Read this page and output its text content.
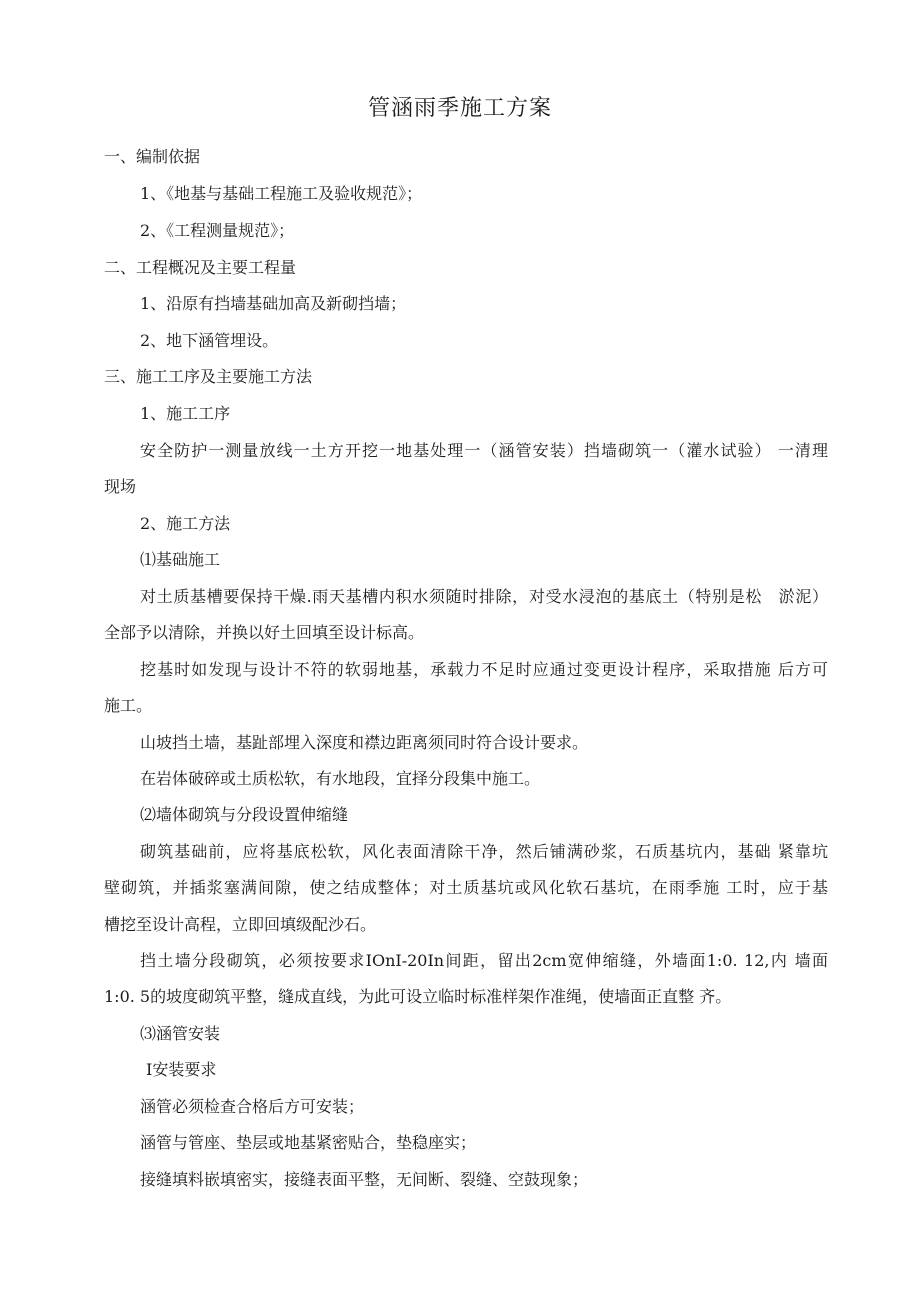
管涵雨季施工方案
一、编制依据
1、《地基与基础工程施工及验收规范》；
2、《工程测量规范》；
二、工程概况及主要工程量
1、沿原有挡墙基础加高及新砌挡墙；
2、地下涵管埋设。
三、施工工序及主要施工方法
1、施工工序
安全防护一测量放线一土方开挖一地基处理一（涵管安装）挡墙砌筑一（灌水试验） 一清理
现场
2、施工方法
⑴基础施工
对土质基槽要保持干燥.雨天基槽内积水须随时排除，对受水浸泡的基底土（特别是松　淤泥）
全部予以清除，并换以好土回填至设计标高。
挖基时如发现与设计不符的软弱地基，承载力不足时应通过变更设计程序，采取措施 后方可
施工。
山坡挡土墙，基趾部埋入深度和襟边距离须同时符合设计要求。
在岩体破碎或土质松软，有水地段，宜择分段集中施工。
⑵墙体砌筑与分段设置伸缩缝
砌筑基础前，应将基底松软，风化表面清除干净，然后铺满砂浆，石质基坑内，基础 紧靠坑
壁砌筑，并插浆塞满间隙，使之结成整体；对土质基坑或风化软石基坑，在雨季施 工时，应于基
槽挖至设计高程，立即回填级配沙石。
挡土墙分段砌筑，必须按要求IOnI-20In间距，留出2cm宽伸缩缝，外墙面1:0. 12,内 墙面
1:0. 5的坡度砌筑平整，缝成直线，为此可设立临时标准样架作准绳，使墙面正直整 齐。
⑶涵管安装
I安装要求
涵管必须检查合格后方可安装；
涵管与管座、垫层或地基紧密贴合，垫稳座实；
接缝填料嵌填密实，接缝表面平整，无间断、裂缝、空鼓现象；
